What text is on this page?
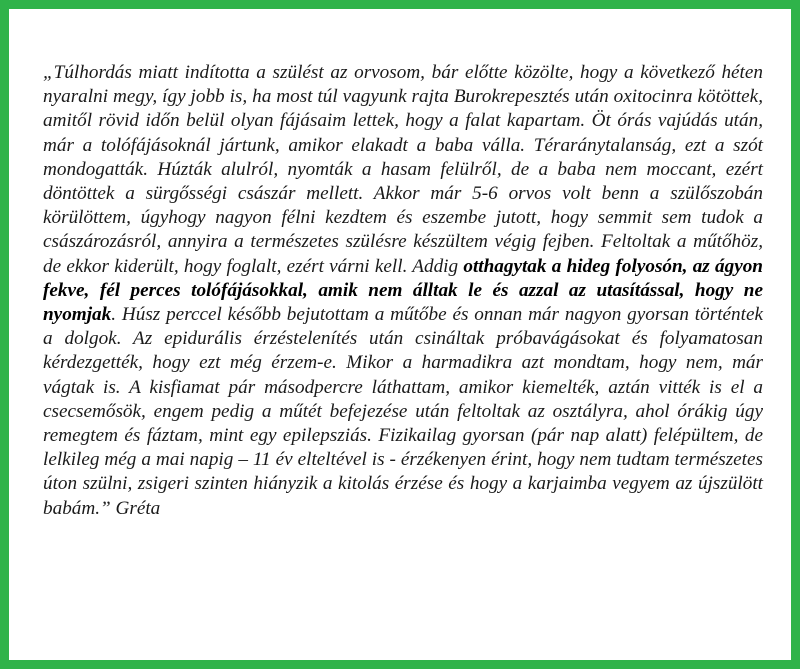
„Túlhordás miatt indította a szülést az orvosom, bár előtte közölte, hogy a következő héten nyaralni megy, így jobb is, ha most túl vagyunk rajta Burokrepesztés után oxitocinra kötöttek, amitől rövid időn belül olyan fájásaim lettek, hogy a falat kapartam. Öt órás vajúdás után, már a tolófájásoknál jártunk, amikor elakadt a baba válla. Téraránytalanság, ezt a szót mondogatták. Húzták alulról, nyomták a hasam felülről, de a baba nem moccant, ezért döntöttek a sürgősségi császár mellett. Akkor már 5-6 orvos volt benn a szülőszobán körülöttem, úgyhogy nagyon félni kezdtem és eszembe jutott, hogy semmit sem tudok a császározásról, annyira a természetes szülésre készültem végig fejben. Feltoltak a műtőhöz, de ekkor kiderült, hogy foglalt, ezért várni kell. Addig otthagytak a hideg folyosón, az ágyon fekve, fél perces tolófájásokkal, amik nem álltak le és azzal az utasítással, hogy ne nyomjak. Húsz perccel később bejutottam a műtőbe és onnan már nagyon gyorsan történtek a dolgok. Az epidurális érzéstelenítés után csináltak próbavágásokat és folyamatosan kérdezgették, hogy ezt még érzem-e. Mikor a harmadikra azt mondtam, hogy nem, már vágtak is. A kisfiamat pár másodpercre láthattam, amikor kiemelték, aztán vitték is el a csecsemősök, engem pedig a műtét befejezése után feltoltak az osztályra, ahol órákig úgy remegtem és fáztam, mint egy epilepsziás. Fizikailag gyorsan (pár nap alatt) felépültem, de lelkileg még a mai napig – 11 év elteltével is - érzékenyen érint, hogy nem tudtam természetes úton szülni, zsigeri szinten hiányzik a kitolás érzése és hogy a karjaimba vegyem az újszülött babám.” Gréta
